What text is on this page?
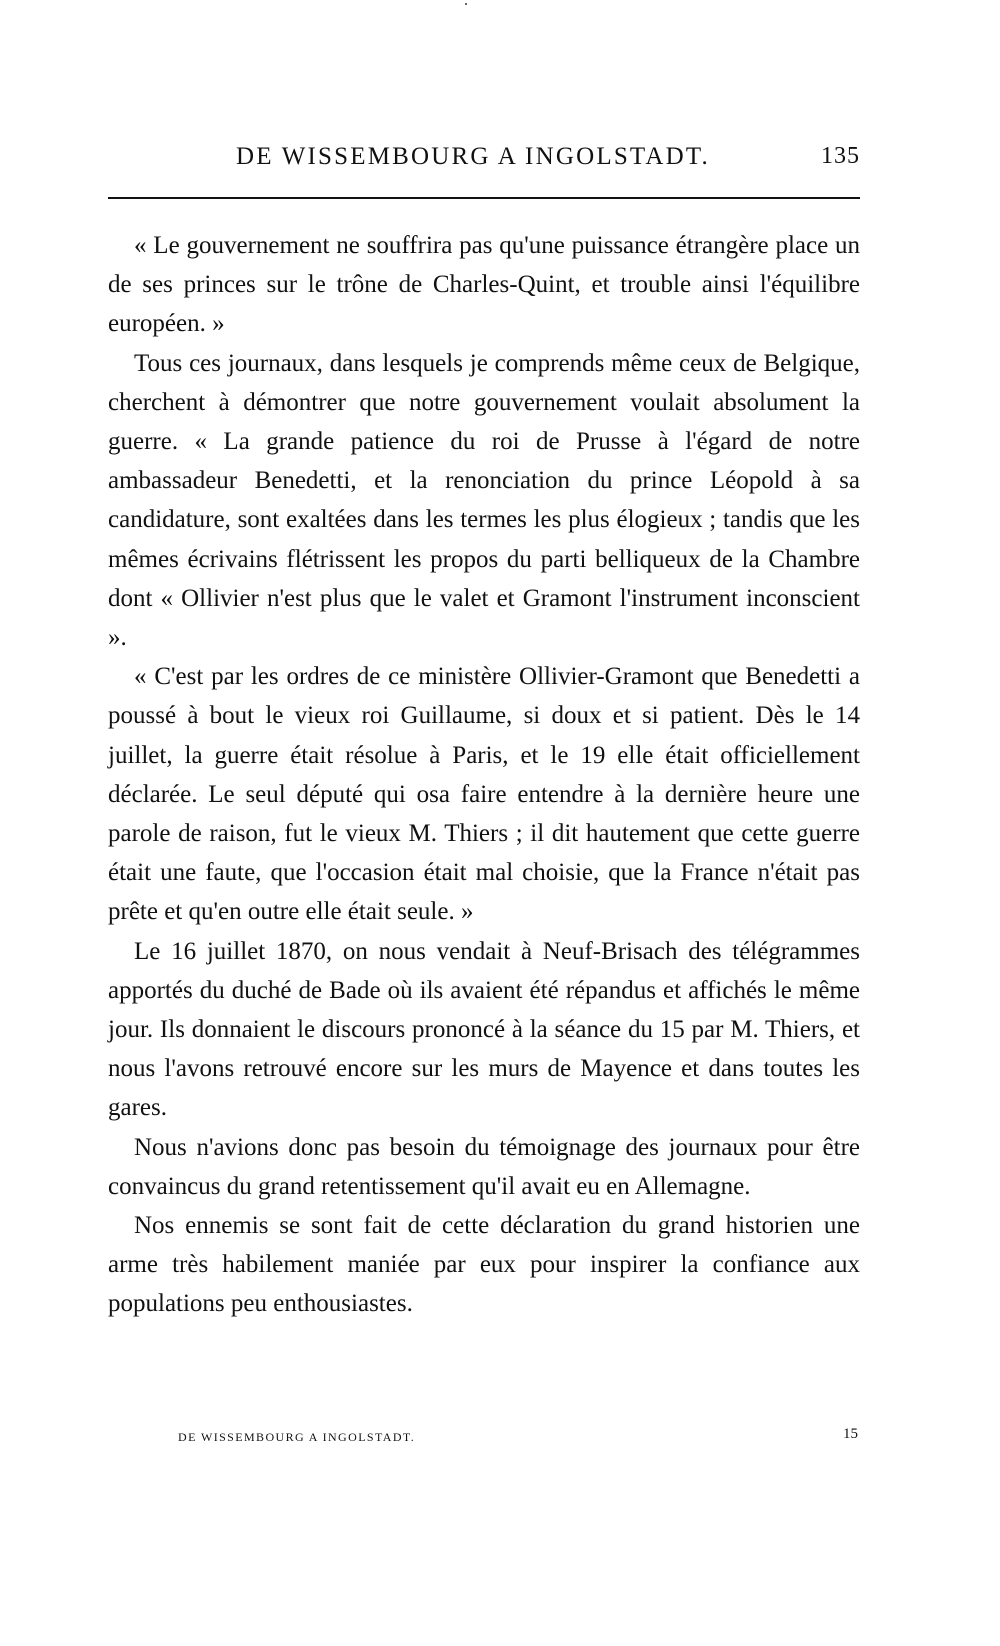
DE WISSEMBOURG A INGOLSTADT.	135

« Le gouvernement ne souffrira pas qu'une puissance étrangère place un de ses princes sur le trône de Charles-Quint, et trouble ainsi l'équilibre européen. »

Tous ces journaux, dans lesquels je comprends même ceux de Belgique, cherchent à démontrer que notre gouvernement voulait absolument la guerre. « La grande patience du roi de Prusse à l'égard de notre ambassadeur Benedetti, et la renonciation du prince Léopold à sa candidature, sont exaltées dans les termes les plus élogieux ; tandis que les mêmes écrivains flétrissent les propos du parti belliqueux de la Chambre dont « Ollivier n'est plus que le valet et Gramont l'instrument inconscient ».

« C'est par les ordres de ce ministère Ollivier-Gramont que Benedetti a poussé à bout le vieux roi Guillaume, si doux et si patient. Dès le 14 juillet, la guerre était résolue à Paris, et le 19 elle était officiellement déclarée. Le seul député qui osa faire entendre à la dernière heure une parole de raison, fut le vieux M. Thiers ; il dit hautement que cette guerre était une faute, que l'occasion était mal choisie, que la France n'était pas prête et qu'en outre elle était seule. »

Le 16 juillet 1870, on nous vendait à Neuf-Brisach des télégrammes apportés du duché de Bade où ils avaient été répandus et affichés le même jour. Ils donnaient le discours prononcé à la séance du 15 par M. Thiers, et nous l'avons retrouvé encore sur les murs de Mayence et dans toutes les gares.

Nous n'avions donc pas besoin du témoignage des journaux pour être convaincus du grand retentissement qu'il avait eu en Allemagne.

Nos ennemis se sont fait de cette déclaration du grand historien une arme très habilement maniée par eux pour inspirer la confiance aux populations peu enthousiastes.

DE WISSEMBOURG A INGOLSTADT.	15
